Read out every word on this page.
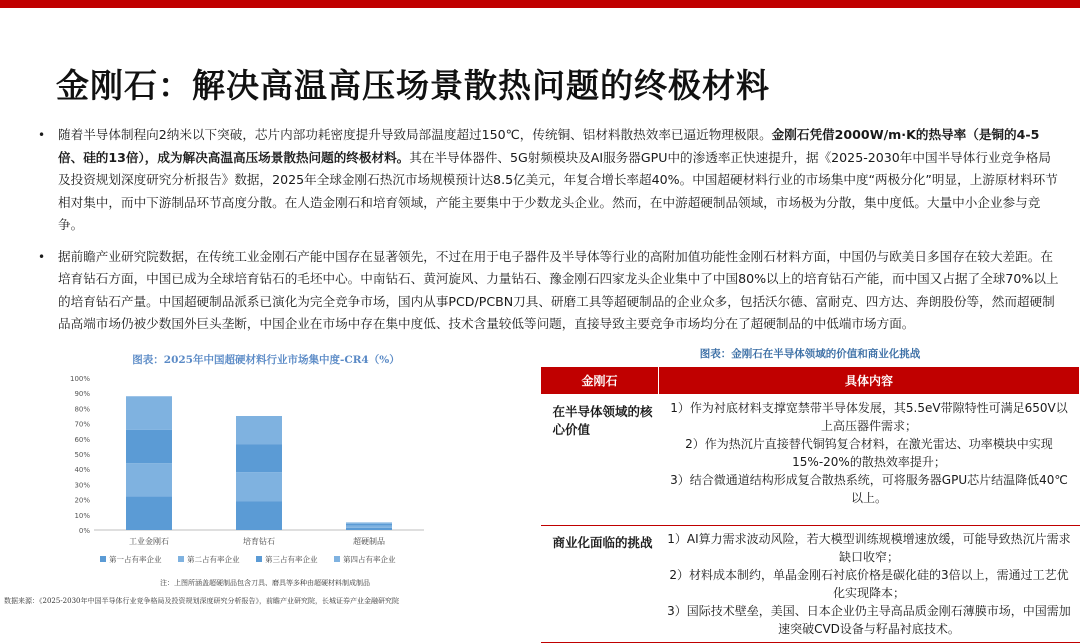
金刚石：解决高温高压场景散热问题的终极材料

• 随着半导体制程向2纳米以下突破，芯片内部功耗密度提升导致局部温度超过150℃，传统铜、铝材料散热效率已逼近物理极限。金刚石凭借2000W/m·K的热导率（是铜的4-5倍、硅的13倍），成为解决高温高压场景散热问题的终极材料。其在半导体器件、5G射频模块及AI服务器GPU中的渗透率正快速提升，据《2025-2030年中国半导体行业竞争格局及投资规划深度研究分析报告》数据，2025年全球金刚石热沉市场规模预计达8.5亿美元，年复合增长率超40%。中国超硬材料行业的市场集中度“两极分化”明显，上游原材料环节相对集中，而中下游制品环节高度分散。在人造金刚石和培育领域，产能主要集中于少数龙头企业。然而，在中游超硬制品领域，市场极为分散，集中度低。大量中小企业参与竞争。

• 据前瞻产业研究院数据，在传统工业金刚石产能中国存在显著领先，不过在用于电子器件及半导体等行业的高附加值功能性金刚石材料方面，中国仍与欧美日多国存在较大差距。在培育钻石方面，中国已成为全球培育钻石的毛坯中心。中南钻石、黄河旋风、力量钻石、豫金刚石四家龙头企业集中了中国80%以上的培育钻石产能，而中国又占据了全球70%以上的培育钻石产量。中国超硬制品派系已演化为完全竞争市场，国内从事PCD/PCBN刀具、研磨工具等超硬制品的企业众多，包括沃尔德、富耐克、四方达、奔朗股份等，然而超硬制品高端市场仍被少数国外巨头垄断，中国企业在市场中存在集中度低、技术含量较低等问题，直接导致主要竞争市场均分在了超硬制品的中低端市场方面。

图表：2025年中国超硬材料行业市场集中度-CR4（%）
0%
10%
20%
30%
40%
50%
60%
70%
80%
90%
100%
工业金刚石	培育钻石	超硬制品
第一占有率企业	第二占有率企业	第三占有率企业	第四占有率企业
注：上图所涵盖超硬制品包含刀具、磨具等多种由超硬材料制成制品
数据来源：《2025-2030年中国半导体行业竞争格局及投资规划深度研究分析报告》，前瞻产业研究院，长城证券产业金融研究院
图表：金刚石在半导体领域的价值和商业化挑战
金刚石	具体内容
在半导体领域的核心价值	1）作为衬底材料支撑宽禁带半导体发展，其5.5eV带隙特性可满足650V以上高压器件需求；
2）作为热沉片直接替代铜钨复合材料，在激光雷达、功率模块中实现15%-20%的散热效率提升；
3）结合微通道结构形成复合散热系统，可将服务器GPU芯片结温降低40℃以上。

商业化面临的挑战	1）AI算力需求波动风险，若大模型训练规模增速放缓，可能导致热沉片需求缺口收窄；
2）材料成本制约，单晶金刚石衬底价格是碳化硅的3倍以上，需通过工艺优化实现降本；
3）国际技术壁垒，美国、日本企业仍主导高品质金刚石薄膜市场，中国需加速突破CVD设备与籽晶衬底技术。
